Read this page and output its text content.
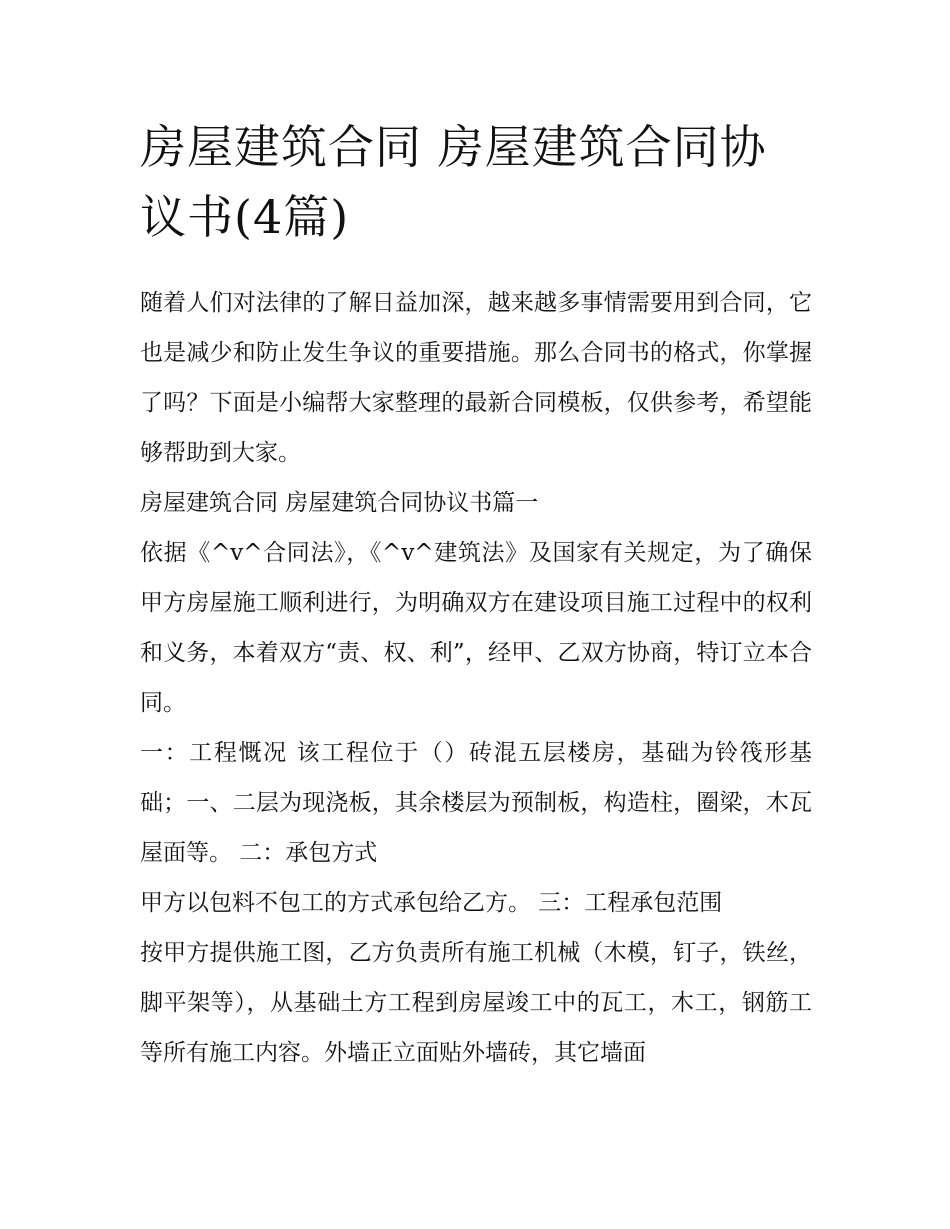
房屋建筑合同 房屋建筑合同协议书(4篇)

随着人们对法律的了解日益加深，越来越多事情需要用到合同，它也是减少和防止发生争议的重要措施。那么合同书的格式，你掌握了吗？下面是小编帮大家整理的最新合同模板，仅供参考，希望能够帮助到大家。

房屋建筑合同 房屋建筑合同协议书篇一

依据《^v^合同法》，《^v^建筑法》及国家有关规定，为了确保甲方房屋施工顺利进行，为明确双方在建设项目施工过程中的权利和义务，本着双方“责、权、利”，经甲、乙双方协商，特订立本合同。

一：工程慨况 该工程位于（）砖混五层楼房，基础为铃筏形基础；一、二层为现浇板，其余楼层为预制板，构造柱，圈梁，木瓦屋面等。 二：承包方式

甲方以包料不包工的方式承包给乙方。 三：工程承包范围

按甲方提供施工图，乙方负责所有施工机械（木模，钉子，铁丝，脚平架等），从基础土方工程到房屋竣工中的瓦工，木工，钢筋工等所有施工内容。外墙正立面贴外墙砖，其它墙面
